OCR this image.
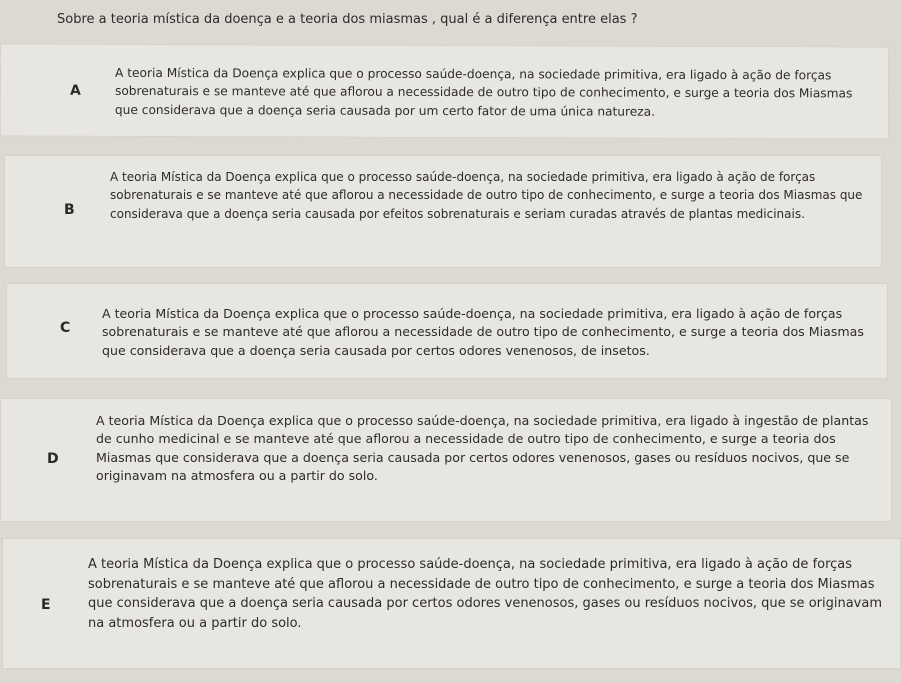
Sobre a teoria mística da doença e a teoria dos miasmas , qual é a diferença entre elas ?
A
A teoria Mística da Doença explica que o processo saúde-doença, na sociedade primitiva, era ligado à ação de forças sobrenaturais e se manteve até que aflorou a necessidade de outro tipo de conhecimento, e surge a teoria dos Miasmas que considerava que a doença seria causada por um certo fator de uma única natureza.
B
A teoria Mística da Doença explica que o processo saúde-doença, na sociedade primitiva, era ligado à ação de forças sobrenaturais e se manteve até que aflorou a necessidade de outro tipo de conhecimento, e surge a teoria dos Miasmas que considerava que a doença seria causada por efeitos sobrenaturais e seriam curadas através de plantas medicinais.
C
A teoria Mística da Doença explica que o processo saúde-doença, na sociedade primitiva, era ligado à ação de forças sobrenaturais e se manteve até que aflorou a necessidade de outro tipo de conhecimento, e surge a teoria dos Miasmas que considerava que a doença seria causada por certos odores venenosos, de insetos.
D
A teoria Mística da Doença explica que o processo saúde-doença, na sociedade primitiva, era ligado à ingestão de plantas de cunho medicinal e se manteve até que aflorou a necessidade de outro tipo de conhecimento, e surge a teoria dos Miasmas que considerava que a doença seria causada por certos odores venenosos, gases ou resíduos nocivos, que se originavam na atmosfera ou a partir do solo.
E
A teoria Mística da Doença explica que o processo saúde-doença, na sociedade primitiva, era ligado à ação de forças sobrenaturais e se manteve até que aflorou a necessidade de outro tipo de conhecimento, e surge a teoria dos Miasmas que considerava que a doença seria causada por certos odores venenosos, gases ou resíduos nocivos, que se originavam na atmosfera ou a partir do solo.
